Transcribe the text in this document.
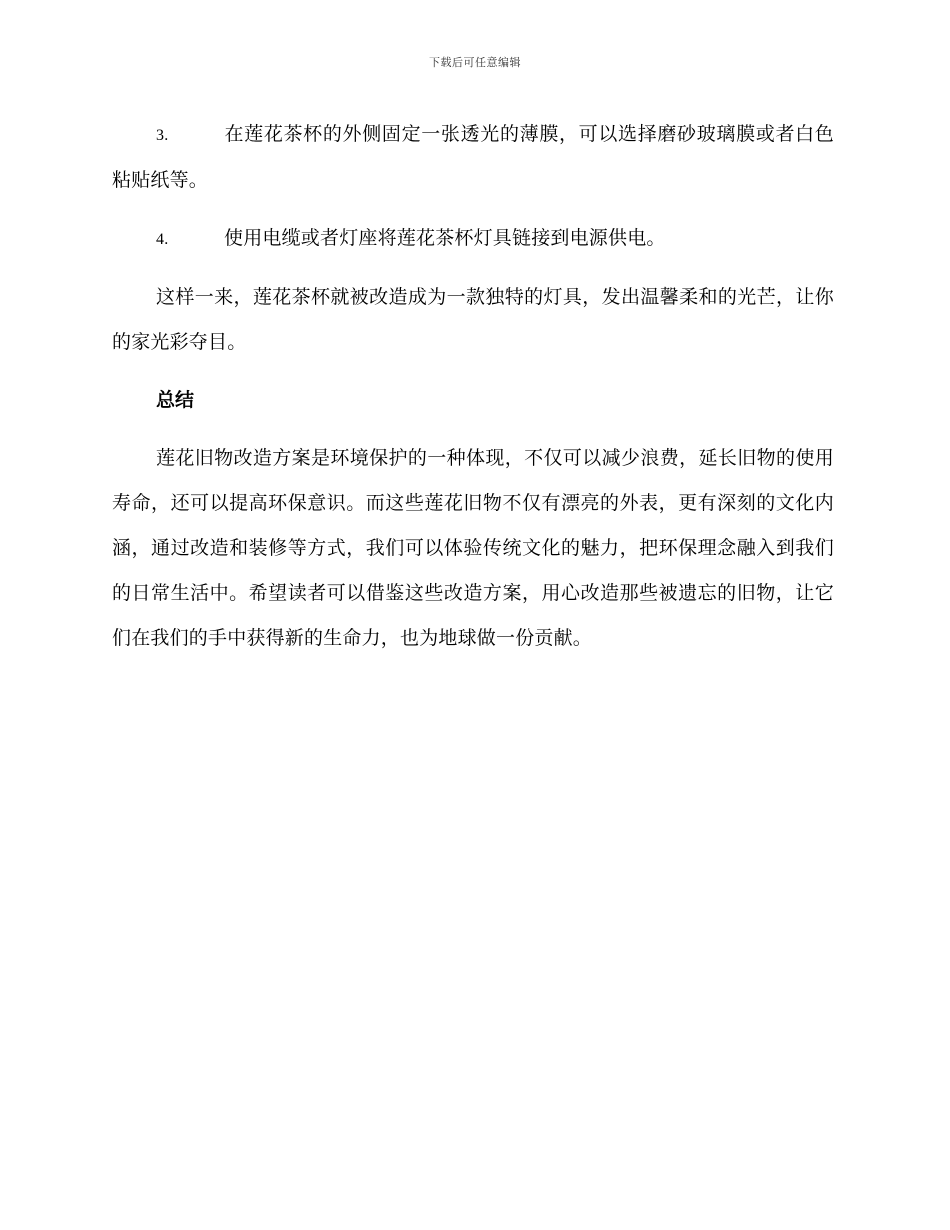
下载后可任意编辑

3.	在莲花茶杯的外侧固定一张透光的薄膜，可以选择磨砂玻璃膜或者白色粘贴纸等。

4.	使用电缆或者灯座将莲花茶杯灯具链接到电源供电。

这样一来，莲花茶杯就被改造成为一款独特的灯具，发出温馨柔和的光芒，让你的家光彩夺目。

总结

莲花旧物改造方案是环境保护的一种体现，不仅可以减少浪费，延长旧物的使用寿命，还可以提高环保意识。而这些莲花旧物不仅有漂亮的外表，更有深刻的文化内涵，通过改造和装修等方式，我们可以体验传统文化的魅力，把环保理念融入到我们的日常生活中。希望读者可以借鉴这些改造方案，用心改造那些被遗忘的旧物，让它们在我们的手中获得新的生命力，也为地球做一份贡献。
